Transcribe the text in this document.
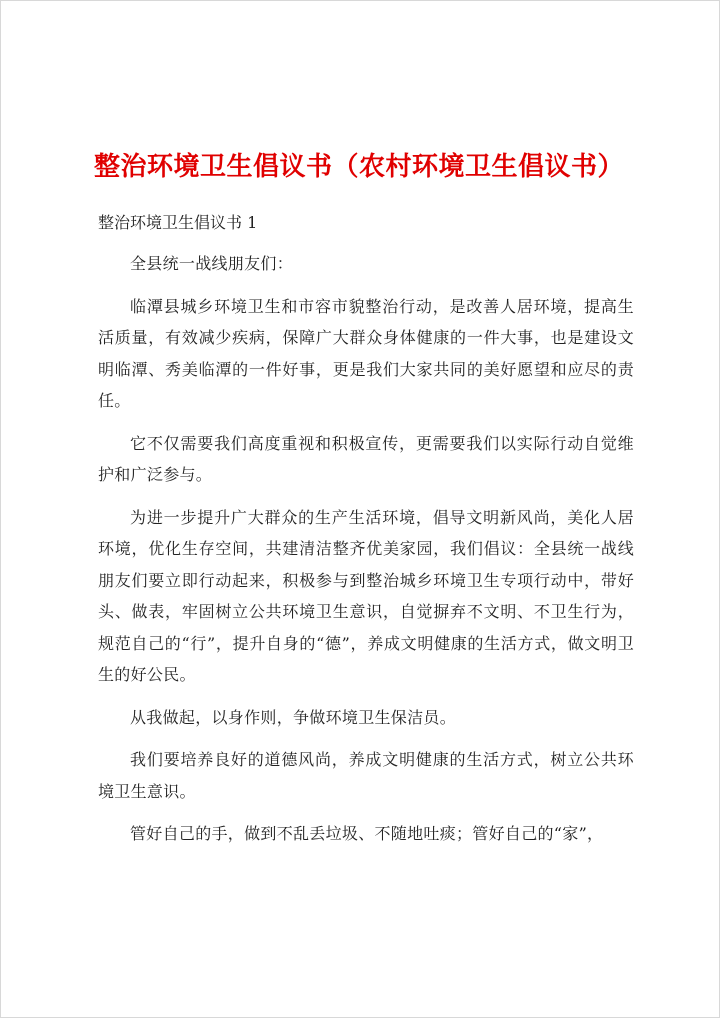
整治环境卫生倡议书（农村环境卫生倡议书）
整治环境卫生倡议书 1

全县统一战线朋友们：

临潭县城乡环境卫生和市容市貌整治行动，是改善人居环境，提高生活质量，有效减少疾病，保障广大群众身体健康的一件大事，也是建设文明临潭、秀美临潭的一件好事，更是我们大家共同的美好愿望和应尽的责任。

它不仅需要我们高度重视和积极宣传，更需要我们以实际行动自觉维护和广泛参与。

为进一步提升广大群众的生产生活环境，倡导文明新风尚，美化人居环境，优化生存空间，共建清洁整齐优美家园，我们倡议：全县统一战线朋友们要立即行动起来，积极参与到整治城乡环境卫生专项行动中，带好头、做表，牢固树立公共环境卫生意识，自觉摒弃不文明、不卫生行为，规范自己的“行”，提升自身的“德”，养成文明健康的生活方式，做文明卫生的好公民。

从我做起，以身作则，争做环境卫生保洁员。

我们要培养良好的道德风尚，养成文明健康的生活方式，树立公共环境卫生意识。

管好自己的手，做到不乱丢垃圾、不随地吐痰；管好自己的“家”，
